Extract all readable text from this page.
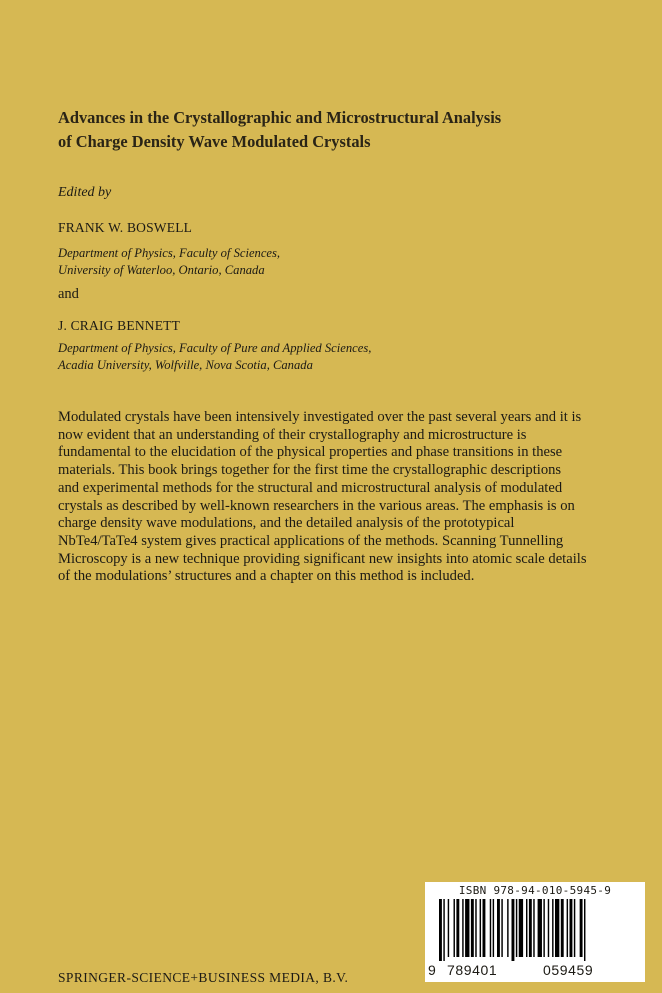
Advances in the Crystallographic and Microstructural Analysis
of Charge Density Wave Modulated Crystals
Edited by
FRANK W. BOSWELL
Department of Physics, Faculty of Sciences,
University of Waterloo, Ontario, Canada
and
J. CRAIG BENNETT
Department of Physics, Faculty of Pure and Applied Sciences,
Acadia University, Wolfville, Nova Scotia, Canada
Modulated crystals have been intensively investigated over the past several years and it is
now evident that an understanding of their crystallography and microstructure is
fundamental to the elucidation of the physical properties and phase transitions in these
materials. This book brings together for the first time the crystallographic descriptions
and experimental methods for the structural and microstructural analysis of modulated
crystals as described by well-known researchers in the various areas. The emphasis is on
charge density wave modulations, and the detailed analysis of the prototypical
NbTe4/TaTe4 system gives practical applications of the methods. Scanning Tunnelling
Microscopy is a new technique providing significant new insights into atomic scale details
of the modulations’ structures and a chapter on this method is included.
ISBN 978-94-010-5945-9
9 789401	059459
SPRINGER-SCIENCE+BUSINESS MEDIA, B.V.
